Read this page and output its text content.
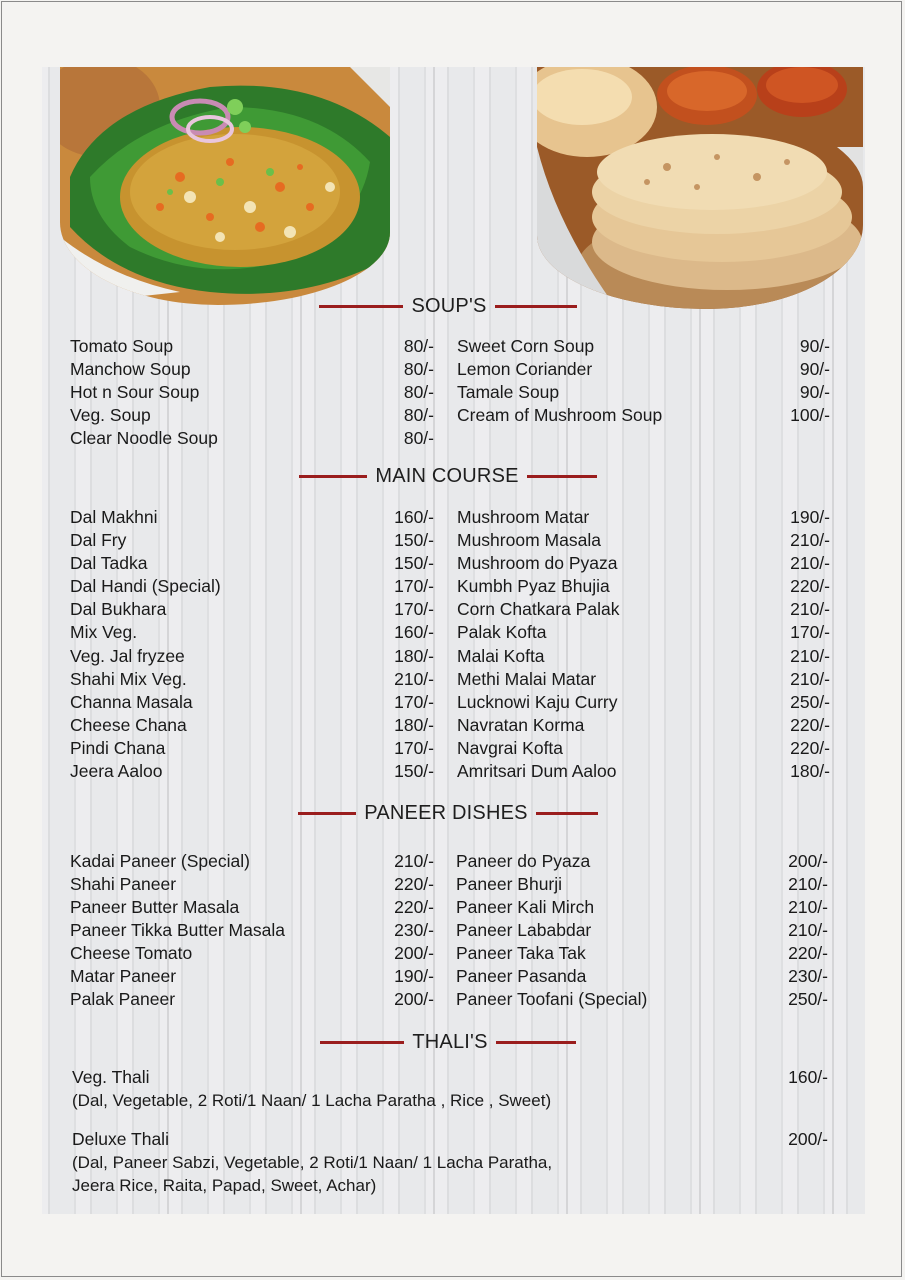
SOUP'S
Tomato Soup
Manchow Soup
Hot n Sour Soup
Veg. Soup
Clear Noodle Soup
80/-
80/-
80/-
80/-
80/-
Sweet Corn Soup
Lemon Coriander
Tamale Soup
Cream of Mushroom Soup
90/-
90/-
90/-
100/-
MAIN COURSE
Dal Makhni
Dal Fry
Dal Tadka
Dal Handi (Special)
Dal Bukhara
Mix Veg.
Veg. Jal fryzee
Shahi Mix Veg.
Channa Masala
Cheese Chana
Pindi Chana
Jeera Aaloo
160/-
150/-
150/-
170/-
170/-
160/-
180/-
210/-
170/-
180/-
170/-
150/-
Mushroom Matar
Mushroom Masala
Mushroom do Pyaza
Kumbh Pyaz Bhujia
Corn Chatkara Palak
Palak Kofta
Malai Kofta
Methi Malai Matar
Lucknowi Kaju Curry
Navratan Korma
Navgrai Kofta
Amritsari Dum Aaloo
190/-
210/-
210/-
220/-
210/-
170/-
210/-
210/-
250/-
220/-
220/-
180/-
PANEER DISHES
Kadai Paneer (Special)
Shahi Paneer
Paneer Butter Masala
Paneer Tikka Butter Masala
Cheese Tomato
Matar Paneer
Palak Paneer
210/-
220/-
220/-
230/-
200/-
190/-
200/-
Paneer do Pyaza
Paneer Bhurji
Paneer Kali Mirch
Paneer Lababdar
Paneer Taka Tak
Paneer Pasanda
Paneer Toofani (Special)
200/-
210/-
210/-
210/-
220/-
230/-
250/-
THALI'S
Veg. Thali	160/-
(Dal, Vegetable, 2 Roti/1 Naan/ 1 Lacha Paratha , Rice , Sweet)
Deluxe Thali	200/-
(Dal, Paneer Sabzi, Vegetable, 2 Roti/1 Naan/ 1 Lacha Paratha,
Jeera Rice, Raita, Papad, Sweet, Achar)
